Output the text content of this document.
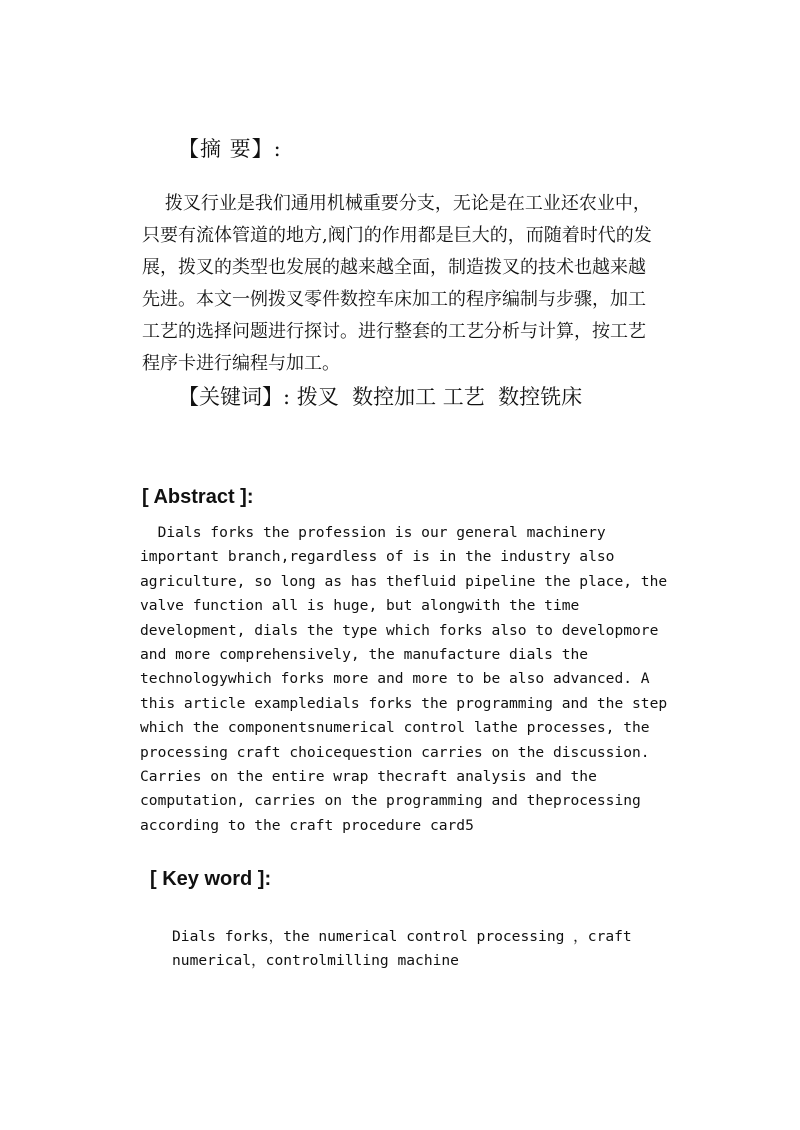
【摘 要】:
拨叉行业是我们通用机械重要分支，无论是在工业还农业中，
只要有流体管道的地方,阀门的作用都是巨大的，而随着时代的发
展，拨叉的类型也发展的越来越全面，制造拨叉的技术也越来越
先进。本文一例拨叉零件数控车床加工的程序编制与步骤，加工
工艺的选择问题进行探讨。进行整套的工艺分析与计算，按工艺
程序卡进行编程与加工。
【关键词】: 拨叉  数控加工 工艺  数控铣床
[ Abstract ]:
Dials forks the profession is our general machinery
important branch,regardless of is in the industry also
agriculture, so long as has thefluid pipeline the place, the
valve function all is huge, but alongwith the time
development, dials the type which forks also to developmore
and more comprehensively, the manufacture dials the
technologywhich forks more and more to be also advanced. A
this article exampledials forks the programming and the step
which the componentsnumerical control lathe processes, the
processing craft choicequestion carries on the discussion.
Carries on the entire wrap thecraft analysis and the
computation, carries on the programming and theprocessing
according to the craft procedure card5
[ Key word ]:
Dials forks，the numerical control processing ，craft
numerical，controlmilling machine
